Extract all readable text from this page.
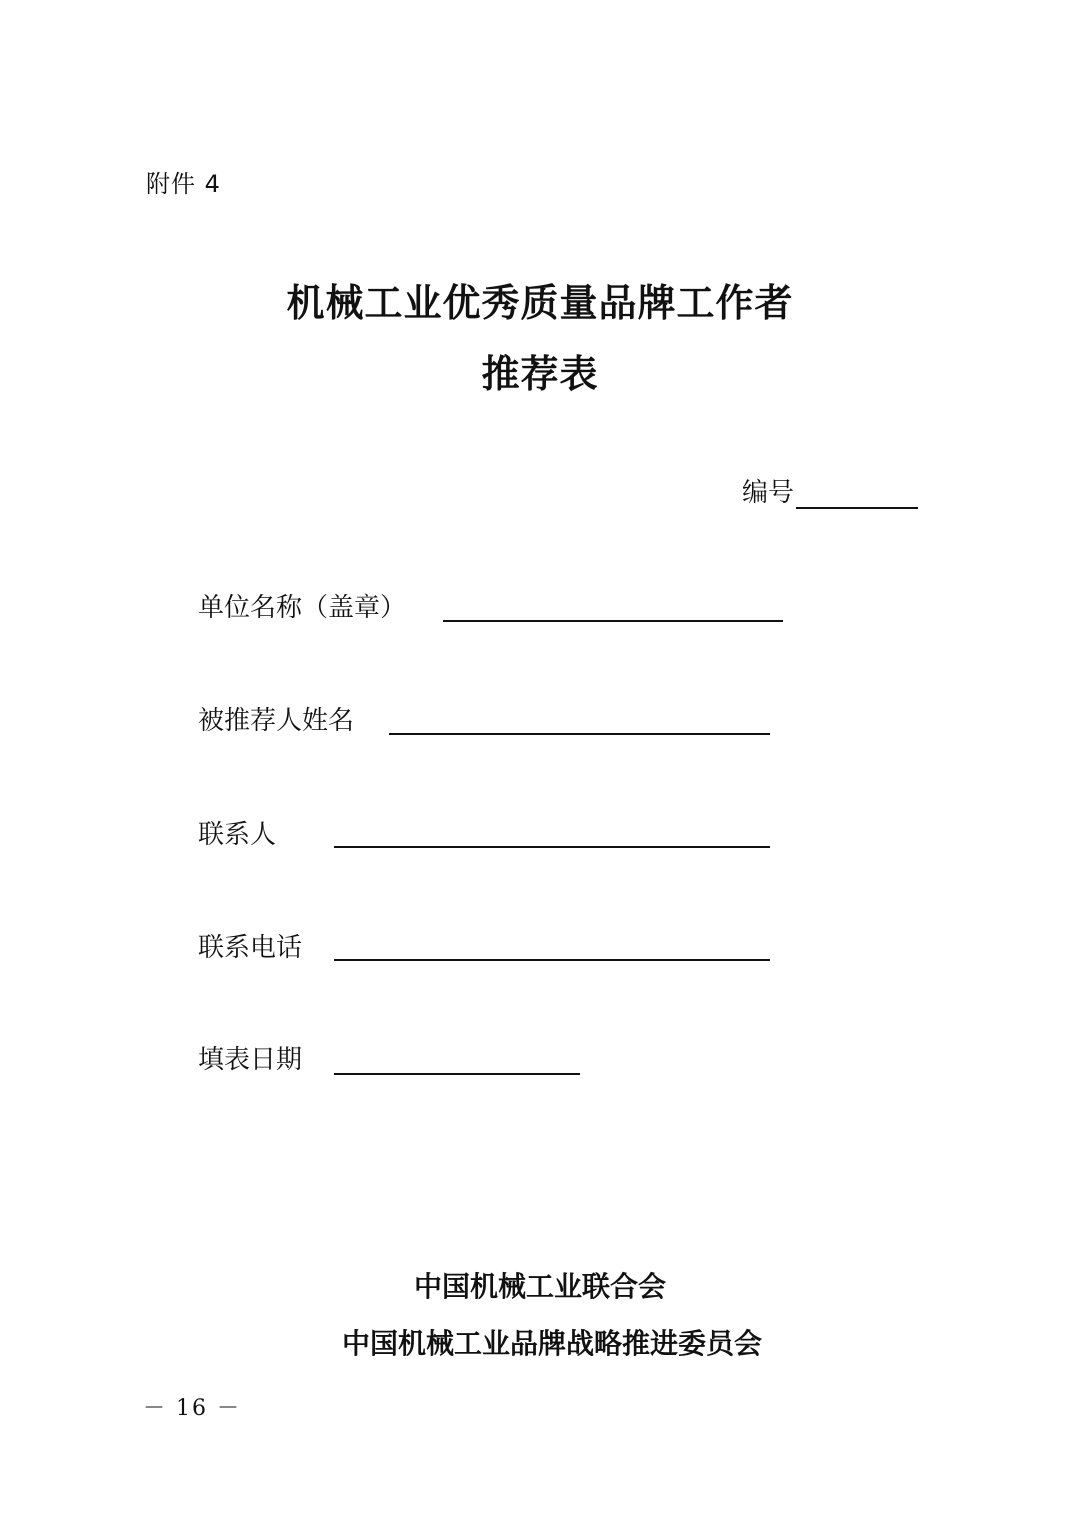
附件 4
机械工业优秀质量品牌工作者
推荐表
编号
单位名称（盖章）
被推荐人姓名
联系人
联系电话
填表日期
中国机械工业联合会
中国机械工业品牌战略推进委员会
－ 16 －
